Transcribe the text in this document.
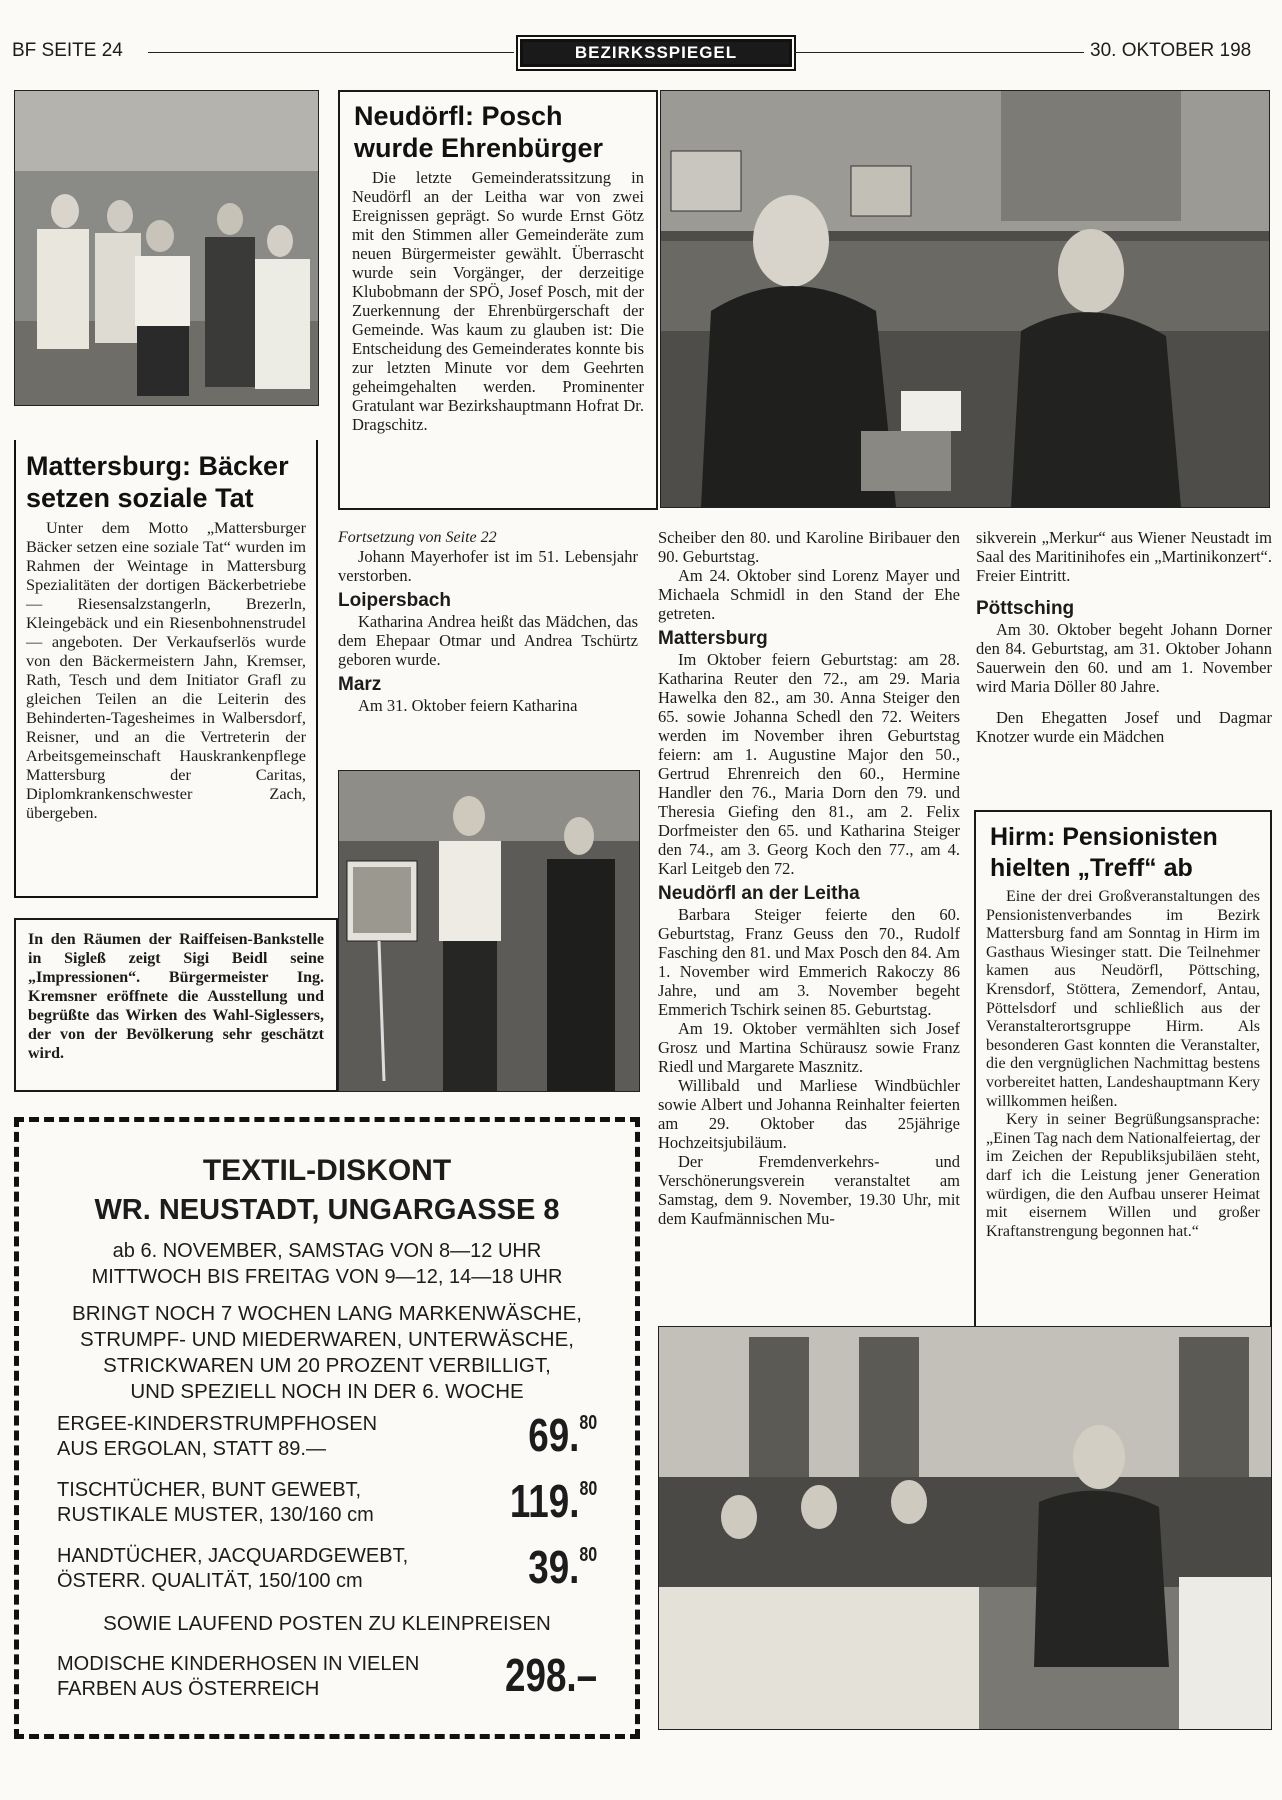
BF SEITE 24	BEZIRKSSPIEGEL	30. OKTOBER 198
Mattersburg: Bäcker setzen soziale Tat

Unter dem Motto „Mattersburger Bäcker setzen eine soziale Tat“ wurden im Rahmen der Weintage in Mattersburg Spezialitäten der dortigen Bäckerbetriebe — Riesensalzstangerln, Brezerln, Kleingebäck und ein Riesenbohnenstrudel — angeboten. Der Verkaufserlös wurde von den Bäckermeistern Jahn, Kremser, Rath, Tesch und dem Initiator Grafl zu gleichen Teilen an die Leiterin des Behinderten-Tagesheimes in Walbersdorf, Reisner, und an die Vertreterin der Arbeitsgemeinschaft Hauskrankenpflege Mattersburg der Caritas, Diplomkrankenschwester Zach, übergeben.

In den Räumen der Raiffeisen-Bankstelle in Sigleß zeigt Sigi Beidl seine „Impressionen“. Bürgermeister Ing. Kremsner eröffnete die Ausstellung und begrüßte das Wirken des Wahl-Siglessers, der von der Bevölkerung sehr geschätzt wird.
Neudörfl: Posch wurde Ehrenbürger

Die letzte Gemeinderatssitzung in Neudörfl an der Leitha war von zwei Ereignissen geprägt. So wurde Ernst Götz mit den Stimmen aller Gemeinderäte zum neuen Bürgermeister gewählt. Überrascht wurde sein Vorgänger, der derzeitige Klubobmann der SPÖ, Josef Posch, mit der Zuerkennung der Ehrenbürgerschaft der Gemeinde. Was kaum zu glauben ist: Die Entscheidung des Gemeinderates konnte bis zur letzten Minute vor dem Geehrten geheimgehalten werden. Prominenter Gratulant war Bezirkshauptmann Hofrat Dr. Dragschitz.

Fortsetzung von Seite 22

Johann Mayerhofer ist im 51. Lebensjahr verstorben.

Loipersbach

Katharina Andrea heißt das Mädchen, das dem Ehepaar Otmar und Andrea Tschürtz geboren wurde.

Marz

Am 31. Oktober feiern Katharina

Scheiber den 80. und Karoline Biribauer den 90. Geburtstag.

Am 24. Oktober sind Lorenz Mayer und Michaela Schmidl in den Stand der Ehe getreten.

Mattersburg

Im Oktober feiern Geburtstag: am 28. Katharina Reuter den 72., am 29. Maria Hawelka den 82., am 30. Anna Steiger den 65. sowie Johanna Schedl den 72. Weiters werden im November ihren Geburtstag feiern: am 1. Augustine Major den 50., Gertrud Ehrenreich den 60., Hermine Handler den 76., Maria Dorn den 79. und Theresia Giefing den 81., am 2. Felix Dorfmeister den 65. und Katharina Steiger den 74., am 3. Georg Koch den 77., am 4. Karl Leitgeb den 72.

Neudörfl an der Leitha

Barbara Steiger feierte den 60. Geburtstag, Franz Geuss den 70., Rudolf Fasching den 81. und Max Posch den 84. Am 1. November wird Emmerich Rakoczy 86 Jahre, und am 3. November begeht Emmerich Tschirk seinen 85. Geburtstag.

Am 19. Oktober vermählten sich Josef Grosz und Martina Schürausz sowie Franz Riedl und Margarete Masznitz.

Willibald und Marliese Windbüchler sowie Albert und Johanna Reinhalter feierten am 29. Oktober das 25jährige Hochzeitsjubiläum.

Der Fremdenverkehrs- und Verschönerungsverein veranstaltet am Samstag, dem 9. November, 19.30 Uhr, mit dem Kaufmännischen Mu-

sikverein „Merkur“ aus Wiener Neustadt im Saal des Maritinihofes ein „Martinikonzert“. Freier Eintritt.

Pöttsching

Am 30. Oktober begeht Johann Dorner den 84. Geburtstag, am 31. Oktober Johann Sauerwein den 60. und am 1. November wird Maria Döller 80 Jahre.

Den Ehegatten Josef und Dagmar Knotzer wurde ein Mädchen

Hirm: Pensionisten hielten „Treff“ ab

Eine der drei Großveranstaltungen des Pensionistenverbandes im Bezirk Mattersburg fand am Sonntag in Hirm im Gasthaus Wiesinger statt. Die Teilnehmer kamen aus Neudörfl, Pöttsching, Krensdorf, Stöttera, Zemendorf, Antau, Pöttelsdorf und schließlich aus der Veranstalterortsgruppe Hirm. Als besonderen Gast konnten die Veranstalter, die den vergnüglichen Nachmittag bestens vorbereitet hatten, Landeshauptmann Kery willkommen heißen.

Kery in seiner Begrüßungsansprache: „Einen Tag nach dem Nationalfeiertag, der im Zeichen der Republiksjubiläen steht, darf ich die Leistung jener Generation würdigen, die den Aufbau unserer Heimat mit eisernem Willen und großer Kraftanstrengung begonnen hat.“

TEXTIL-DISKONT
WR. NEUSTADT, UNGARGASSE 8
ab 6. NOVEMBER, SAMSTAG VON 8—12 UHR
MITTWOCH BIS FREITAG VON 9—12, 14—18 UHR
BRINGT NOCH 7 WOCHEN LANG MARKENWÄSCHE,
STRUMPF- UND MIEDERWAREN, UNTERWÄSCHE,
STRICKWAREN UM 20 PROZENT VERBILLIGT,
UND SPEZIELL NOCH IN DER 6. WOCHE
ERGEE-KINDERSTRUMPFHOSEN
AUS ERGOLAN, STATT 89.—	69.80
TISCHTÜCHER, BUNT GEWEBT,
RUSTIKALE MUSTER, 130/160 cm	119.80
HANDTÜCHER, JACQUARDGEWEBT,
ÖSTERR. QUALITÄT, 150/100 cm	39.80
SOWIE LAUFEND POSTEN ZU KLEINPREISEN
MODISCHE KINDERHOSEN IN VIELEN
FARBEN AUS ÖSTERREICH	298.–
